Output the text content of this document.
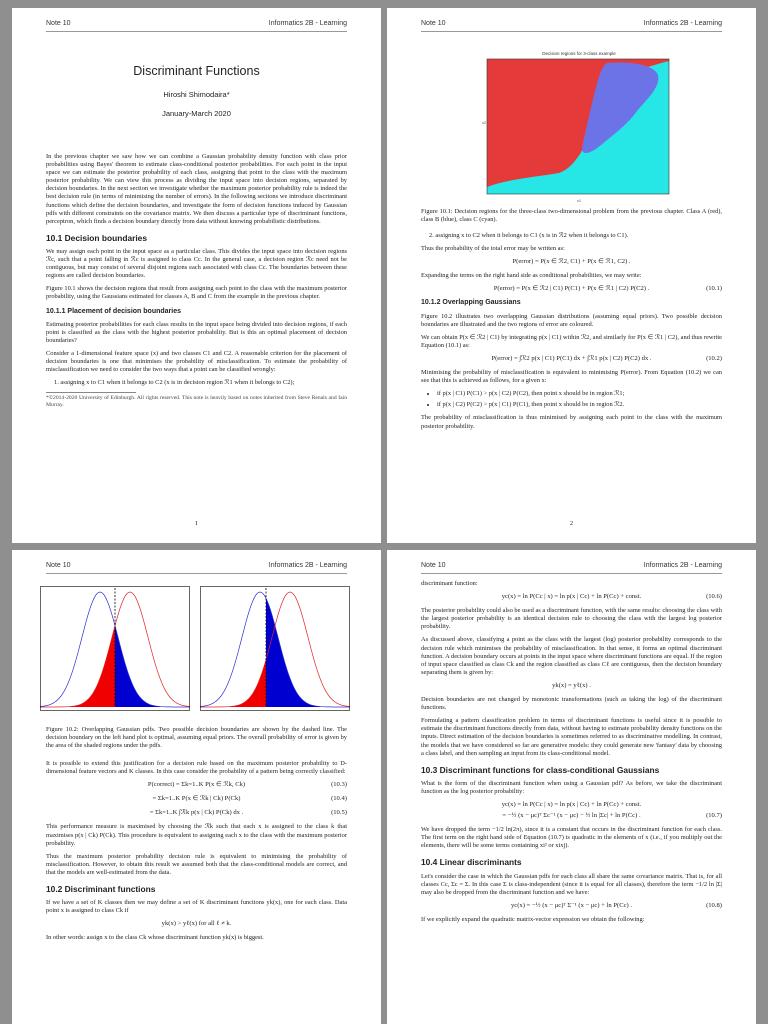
Note 10	Informatics 2B - Learning
Discriminant Functions
Hiroshi Shimodaira*
January-March 2020

In the previous chapter we saw how we can combine a Gaussian probability density function with class prior probabilities using Bayes' theorem to estimate class-conditional posterior probabilities. For each point in the input space we can estimate the posterior probability of each class, assigning that point to the class with the maximum posterior probability. We can view this process as dividing the input space into decision regions, separated by decision boundaries. In the next section we investigate whether the maximum posterior probability rule is indeed the best decision rule (in terms of minimising the number of errors). In the following sections we introduce discriminant functions which define the decision boundaries, and investigate the form of decision functions induced by Gaussian pdfs with different constraints on the covariance matrix. We then discuss a particular type of discriminant functions, perceptron, which finds a decision boundary directly from data without knowing probabilistic distributions.

10.1 Decision boundaries

We may assign each point in the input space as a particular class. This divides the input space into decision regions ℛc, such that a point falling in ℛc is assigned to class Cc. In the general case, a decision region ℛc need not be contiguous, but may consist of several disjoint regions each associated with class Cc. The boundaries between these regions are called decision boundaries.

Figure 10.1 shows the decision regions that result from assigning each point to the class with the maximum posterior probability, using the Gaussians estimated for classes A, B and C from the example in the previous chapter.

10.1.1 Placement of decision boundaries

Estimating posterior probabilities for each class results in the input space being divided into decision regions, if each point is classified as the class with the highest posterior probability. But is this an optimal placement of decision boundaries?

Consider a 1-dimensional feature space (x) and two classes C1 and C2. A reasonable criterion for the placement of decision boundaries is one that minimises the probability of misclassification. To estimate the probability of misclassification we need to consider the two ways that a point can be classified wrongly:

1. assigning x to C1 when it belongs to C2 (x is in decision region ℛ1 when it belongs to C2);

*©2014-2020 University of Edinburgh. All rights reserved. This note is heavily based on notes inherited from Steve Renals and Iain Murray.
1
Note 10	Informatics 2B - Learning
Decision regions for 3-class example
x1
x2

Figure 10.1: Decision regions for the three-class two-dimensional problem from the previous chapter. Class A (red), class B (blue), class C (cyan).

2. assigning x to C2 when it belongs to C1 (x is in ℛ2 when it belongs to C1).

Thus the probability of the total error may be written as:

P(error) = P(x ∈ ℛ2, C1) + P(x ∈ ℛ1, C2) .

Expanding the terms on the right hand side as conditional probabilities, we may write:

P(error) = P(x ∈ ℛ2 | C1) P(C1) + P(x ∈ ℛ1 | C2) P(C2) .	(10.1)
10.1.2 Overlapping Gaussians

Figure 10.2 illustrates two overlapping Gaussian distributions (assuming equal priors). Two possible decision boundaries are illustrated and the two regions of error are coloured.

We can obtain P(x ∈ ℛ2 | C1) by integrating p(x | C1) within ℛ2, and similarly for P(x ∈ ℛ1 | C2), and thus rewrite Equation (10.1) as:

P(error) = ∫ℛ2 p(x | C1) P(C1) dx + ∫ℛ1 p(x | C2) P(C2) dx .	(10.2)

Minimising the probability of misclassification is equivalent to minimising P(error). From Equation (10.2) we can see that this is achieved as follows, for a given x:

• if p(x | C1) P(C1) > p(x | C2) P(C2), then point x should be in region ℛ1;
• if p(x | C2) P(C2) > p(x | C1) P(C1), then point x should be in region ℛ2.

The probability of misclassification is thus minimised by assigning each point to the class with the maximum posterior probability.

2
Note 10	Informatics 2B - Learning

Figure 10.2: Overlapping Gaussian pdfs. Two possible decision boundaries are shown by the dashed line. The decision boundary on the left hand plot is optimal, assuming equal priors. The overall probability of error is given by the area of the shaded regions under the pdfs.

It is possible to extend this justification for a decision rule based on the maximum posterior probability to D-dimensional feature vectors and K classes. In this case consider the probability of a pattern being correctly classified:

P(correct) = Σk=1..K P(x ∈ ℛk, Ck)	(10.3)
= Σk=1..K P(x ∈ ℛk | Ck) P(Ck)	(10.4)
= Σk=1..K ∫ℛk p(x | Ck) P(Ck) dx .	(10.5)

This performance measure is maximised by choosing the ℛk such that each x is assigned to the class k that maximises p(x | Ck) P(Ck). This procedure is equivalent to assigning each x to the class with the maximum posterior probability.

Thus the maximum posterior probability decision rule is equivalent to minimising the probability of misclassification. However, to obtain this result we assumed both that the class-conditional models are correct, and that the models are well-estimated from the data.

10.2 Discriminant functions

If we have a set of K classes then we may define a set of K discriminant functions yk(x), one for each class. Data point x is assigned to class Ck if

yk(x) > yℓ(x) for all ℓ ≠ k.

In other words: assign x to the class Ck whose discriminant function yk(x) is biggest.

Note 10	Informatics 2B - Learning

discriminant function:

yc(x) = ln P(Cc | x) = ln p(x | Cc) + ln P(Cc) + const.	(10.6)

The posterior probability could also be used as a discriminant function, with the same results: choosing the class with the largest posterior probability is an identical decision rule to choosing the class with the largest log posterior probability.

As discussed above, classifying a point as the class with the largest (log) posterior probability corresponds to the decision rule which minimises the probability of misclassification. In that sense, it forms an optimal discriminant function. A decision boundary occurs at points in the input space where discriminant functions are equal. If the region of input space classified as class Ck and the region classified as class Cℓ are contiguous, then the decision boundary separating them is given by:

yk(x) = yℓ(x) .

Decision boundaries are not changed by monotonic transformations (such as taking the log) of the discriminant functions.

Formulating a pattern classification problem in terms of discriminant functions is useful since it is possible to estimate the discriminant functions directly from data, without having to estimate probability density functions on the inputs. Direct estimation of the decision boundaries is sometimes referred to as discriminative modelling. In contrast, the models that we have considered so far are generative models: they could generate new 'fantasy' data by choosing a class label, and then sampling an input from its class-conditional model.

10.3 Discriminant functions for class-conditional Gaussians

What is the form of the discriminant function when using a Gaussian pdf? As before, we take the discriminant function as the log posterior probability:

yc(x) = ln P(Cc | x) = ln p(x | Cc) + ln P(Cc) + const.
= −½ (x − μc)ᵀ Σc⁻¹ (x − μc) − ½ ln |Σc| + ln P(Cc) .	(10.7)

We have dropped the term −1/2 ln(2π), since it is a constant that occurs in the discriminant function for each class. The first term on the right hand side of Equation (10.7) is quadratic in the elements of x (i.e., if you multiply out the elements, there will be some terms containing xi² or xixj).

10.4 Linear discriminants

Let's consider the case in which the Gaussian pdfs for each class all share the same covariance matrix. That is, for all classes Cc, Σc = Σ. In this case Σ is class-independent (since it is equal for all classes), therefore the term −1/2 ln |Σ| may also be dropped from the discriminant function and we have:

yc(x) = −½ (x − μc)ᵀ Σ⁻¹ (x − μc) + ln P(Cc) .	(10.8)

If we explicitly expand the quadratic matrix-vector expression we obtain the following:
